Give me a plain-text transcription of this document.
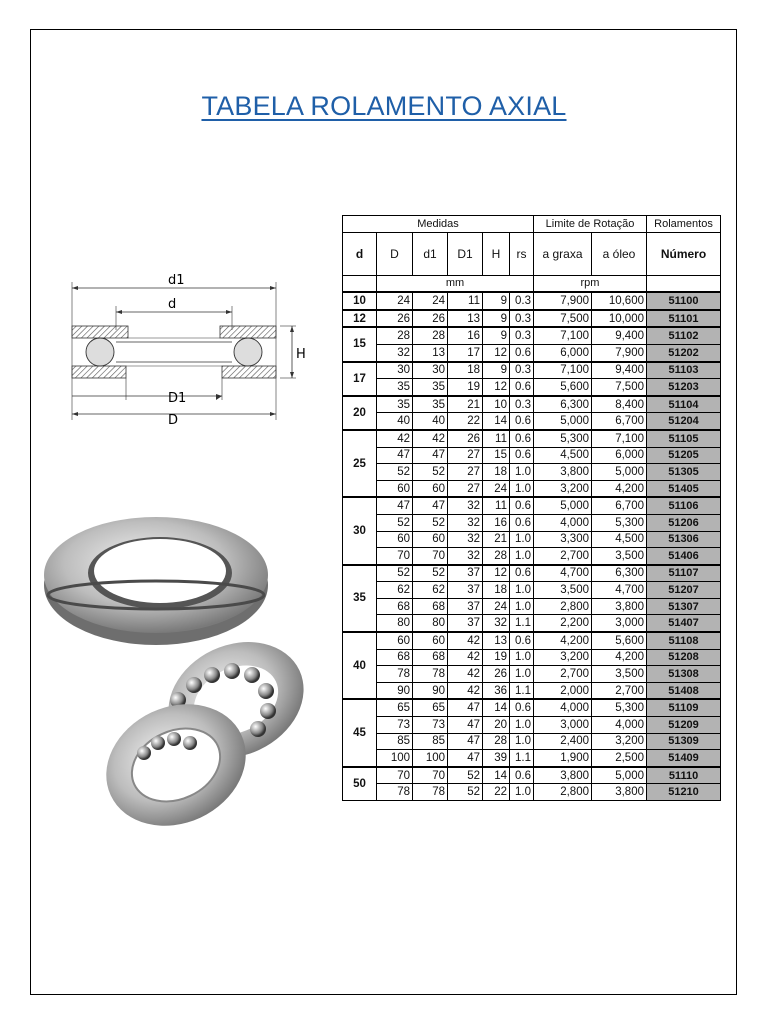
TABELA ROLAMENTO AXIAL
d1
d
H
D1
D
Medidas						Limite de Rotação		Rolamentos
d	D	d1	D1	H	rs	a graxa	a óleo	Número
	mm					rpm		
10	24	24	11	9	0.3	7,900	10,600	51100
12	26	26	13	9	0.3	7,500	10,000	51101
15	28	28	16	9	0.3	7,100	9,400	51102
	32	13	17	12	0.6	6,000	7,900	51202
17	30	30	18	9	0.3	7,100	9,400	51103
	35	35	19	12	0.6	5,600	7,500	51203
20	35	35	21	10	0.3	6,300	8,400	51104
	40	40	22	14	0.6	5,000	6,700	51204
25	42	42	26	11	0.6	5,300	7,100	51105
	47	47	27	15	0.6	4,500	6,000	51205
	52	52	27	18	1.0	3,800	5,000	51305
	60	60	27	24	1.0	3,200	4,200	51405
30	47	47	32	11	0.6	5,000	6,700	51106
	52	52	32	16	0.6	4,000	5,300	51206
	60	60	32	21	1.0	3,300	4,500	51306
	70	70	32	28	1.0	2,700	3,500	51406
35	52	52	37	12	0.6	4,700	6,300	51107
	62	62	37	18	1.0	3,500	4,700	51207
	68	68	37	24	1.0	2,800	3,800	51307
	80	80	37	32	1.1	2,200	3,000	51407
40	60	60	42	13	0.6	4,200	5,600	51108
	68	68	42	19	1.0	3,200	4,200	51208
	78	78	42	26	1.0	2,700	3,500	51308
	90	90	42	36	1.1	2,000	2,700	51408
45	65	65	47	14	0.6	4,000	5,300	51109
	73	73	47	20	1.0	3,000	4,000	51209
	85	85	47	28	1.0	2,400	3,200	51309
	100	100	47	39	1.1	1,900	2,500	51409
50	70	70	52	14	0.6	3,800	5,000	51110
	78	78	52	22	1.0	2,800	3,800	51210
